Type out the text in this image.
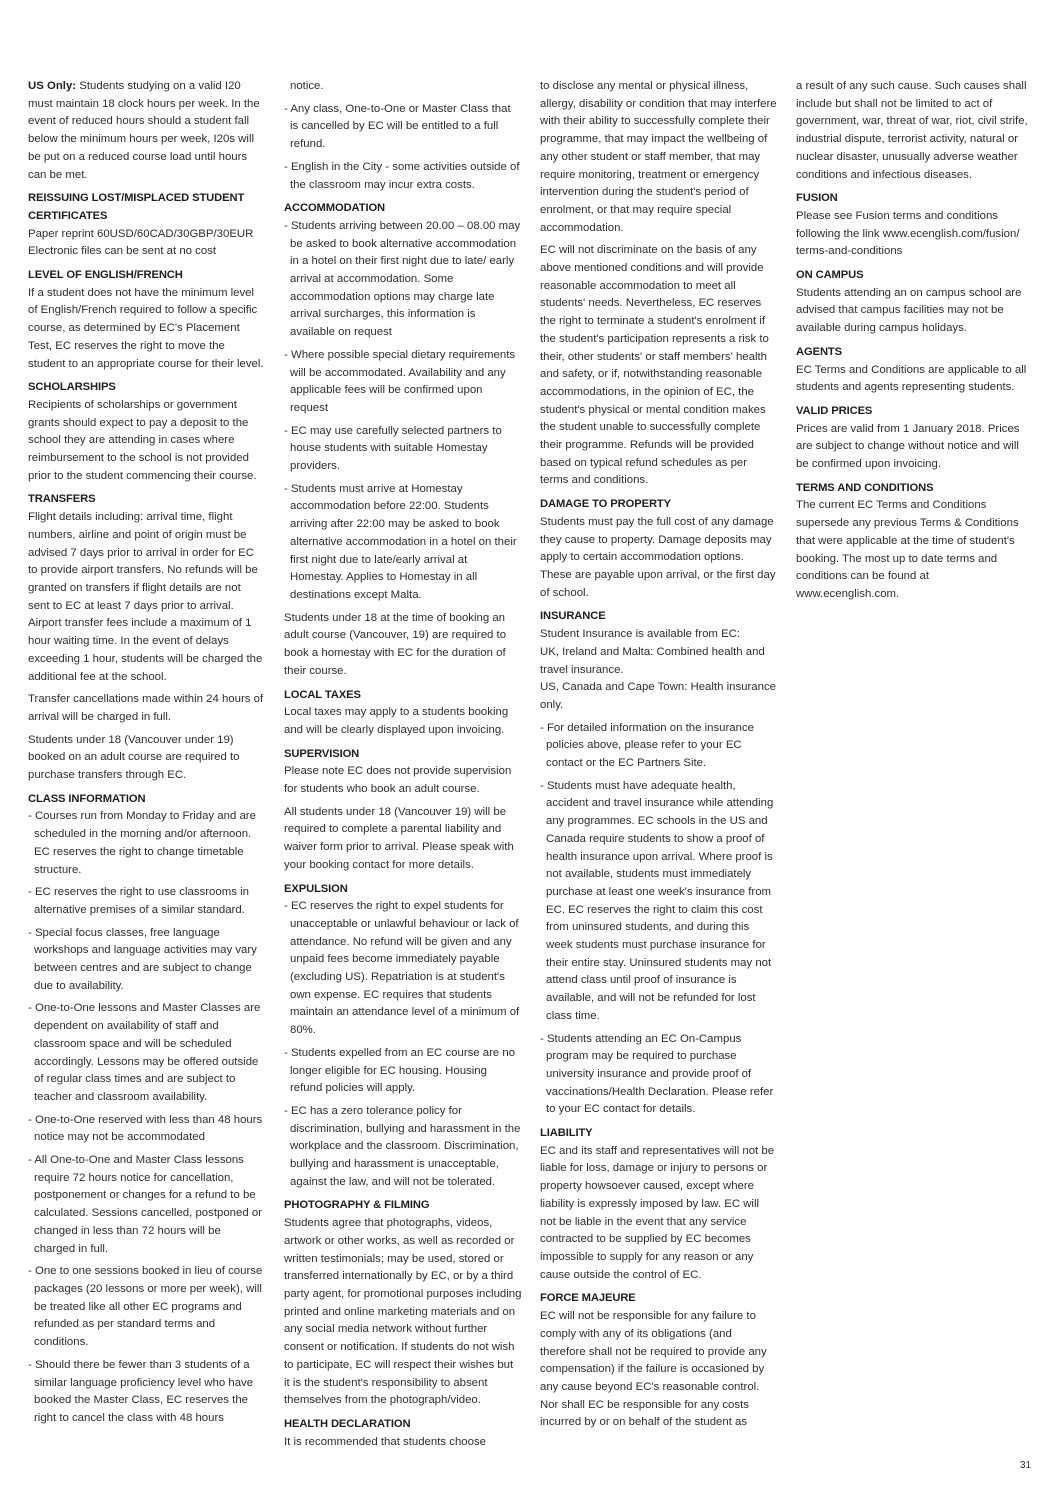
US Only: Students studying on a valid I20 must maintain 18 clock hours per week. In the event of reduced hours should a student fall below the minimum hours per week, I20s will be put on a reduced course load until hours can be met.
REISSUING LOST/MISPLACED STUDENT CERTIFICATES
Paper reprint 60USD/60CAD/30GBP/30EUR
Electronic files can be sent at no cost
LEVEL OF ENGLISH/FRENCH
If a student does not have the minimum level of English/French required to follow a specific course, as determined by EC's Placement Test, EC reserves the right to move the student to an appropriate course for their level.
SCHOLARSHIPS
Recipients of scholarships or government grants should expect to pay a deposit to the school they are attending in cases where reimbursement to the school is not provided prior to the student commencing their course.
TRANSFERS
Flight details including: arrival time, flight numbers, airline and point of origin must be advised 7 days prior to arrival in order for EC to provide airport transfers. No refunds will be granted on transfers if flight details are not sent to EC at least 7 days prior to arrival. Airport transfer fees include a maximum of 1 hour waiting time. In the event of delays exceeding 1 hour, students will be charged the additional fee at the school.
Transfer cancellations made within 24 hours of arrival will be charged in full.
Students under 18 (Vancouver under 19) booked on an adult course are required to purchase transfers through EC.
CLASS INFORMATION
- Courses run from Monday to Friday and are scheduled in the morning and/or afternoon. EC reserves the right to change timetable structure.
- EC reserves the right to use classrooms in alternative premises of a similar standard.
- Special focus classes, free language workshops and language activities may vary between centres and are subject to change due to availability.
- One-to-One lessons and Master Classes are dependent on availability of staff and classroom space and will be scheduled accordingly. Lessons may be offered outside of regular class times and are subject to teacher and classroom availability.
- One-to-One reserved with less than 48 hours notice may not be accommodated
- All One-to-One and Master Class lessons require 72 hours notice for cancellation, postponement or changes for a refund to be calculated. Sessions cancelled, postponed or changed in less than 72 hours will be charged in full.
- One to one sessions booked in lieu of course packages (20 lessons or more per week), will be treated like all other EC programs and refunded as per standard terms and conditions.
- Should there be fewer than 3 students of a similar language proficiency level who have booked the Master Class, EC reserves the right to cancel the class with 48 hours
notice.
- Any class, One-to-One or Master Class that is cancelled by EC will be entitled to a full refund.
- English in the City - some activities outside of the classroom may incur extra costs.
ACCOMMODATION
- Students arriving between 20.00 – 08.00 may be asked to book alternative accommodation in a hotel on their first night due to late/ early arrival at accommodation. Some accommodation options may charge late arrival surcharges, this information is available on request
- Where possible special dietary requirements will be accommodated. Availability and any applicable fees will be confirmed upon request
- EC may use carefully selected partners to house students with suitable Homestay providers.
- Students must arrive at Homestay accommodation before 22:00. Students arriving after 22:00 may be asked to book alternative accommodation in a hotel on their first night due to late/early arrival at Homestay. Applies to Homestay in all destinations except Malta.
Students under 18 at the time of booking an adult course (Vancouver, 19) are required to book a homestay with EC for the duration of their course.
LOCAL TAXES
Local taxes may apply to a students booking and will be clearly displayed upon invoicing.
SUPERVISION
Please note EC does not provide supervision for students who book an adult course.
All students under 18 (Vancouver 19) will be required to complete a parental liability and waiver form prior to arrival. Please speak with your booking contact for more details.
EXPULSION
- EC reserves the right to expel students for unacceptable or unlawful behaviour or lack of attendance. No refund will be given and any unpaid fees become immediately payable (excluding US). Repatriation is at student's own expense. EC requires that students maintain an attendance level of a minimum of 80%.
- Students expelled from an EC course are no longer eligible for EC housing. Housing refund policies will apply.
- EC has a zero tolerance policy for discrimination, bullying and harassment in the workplace and the classroom. Discrimination, bullying and harassment is unacceptable, against the law, and will not be tolerated.
PHOTOGRAPHY & FILMING
Students agree that photographs, videos, artwork or other works, as well as recorded or written testimonials; may be used, stored or transferred internationally by EC, or by a third party agent, for promotional purposes including printed and online marketing materials and on any social media network without further consent or notification. If students do not wish to participate, EC will respect their wishes but it is the student's responsibility to absent themselves from the photograph/video.
HEALTH DECLARATION
It is recommended that students choose
to disclose any mental or physical illness, allergy, disability or condition that may interfere with their ability to successfully complete their programme, that may impact the wellbeing of any other student or staff member, that may require monitoring, treatment or emergency intervention during the student's period of enrolment, or that may require special accommodation.
EC will not discriminate on the basis of any above mentioned conditions and will provide reasonable accommodation to meet all students' needs. Nevertheless, EC reserves the right to terminate a student's enrolment if the student's participation represents a risk to their, other students' or staff members' health and safety, or if, notwithstanding reasonable accommodations, in the opinion of EC, the student's physical or mental condition makes the student unable to successfully complete their programme. Refunds will be provided based on typical refund schedules as per terms and conditions.
DAMAGE TO PROPERTY
Students must pay the full cost of any damage they cause to property. Damage deposits may apply to certain accommodation options. These are payable upon arrival, or the first day of school.
INSURANCE
Student Insurance is available from EC:
UK, Ireland and Malta: Combined health and travel insurance.
US, Canada and Cape Town: Health insurance only.
- For detailed information on the insurance policies above, please refer to your EC contact or the EC Partners Site.
- Students must have adequate health, accident and travel insurance while attending any programmes. EC schools in the US and Canada require students to show a proof of health insurance upon arrival. Where proof is not available, students must immediately purchase at least one week's insurance from EC. EC reserves the right to claim this cost from uninsured students, and during this week students must purchase insurance for their entire stay. Uninsured students may not attend class until proof of insurance is available, and will not be refunded for lost class time.
- Students attending an EC On-Campus program may be required to purchase university insurance and provide proof of vaccinations/Health Declaration. Please refer to your EC contact for details.
LIABILITY
EC and its staff and representatives will not be liable for loss, damage or injury to persons or property howsoever caused, except where liability is expressly imposed by law. EC will not be liable in the event that any service contracted to be supplied by EC becomes impossible to supply for any reason or any cause outside the control of EC.
FORCE MAJEURE
EC will not be responsible for any failure to comply with any of its obligations (and therefore shall not be required to provide any compensation) if the failure is occasioned by any cause beyond EC's reasonable control. Nor shall EC be responsible for any costs incurred by or on behalf of the student as
a result of any such cause. Such causes shall include but shall not be limited to act of government, war, threat of war, riot, civil strife, industrial dispute, terrorist activity, natural or nuclear disaster, unusually adverse weather conditions and infectious diseases.
FUSION
Please see Fusion terms and conditions following the link www.ecenglish.com/fusion/ terms-and-conditions
ON CAMPUS
Students attending an on campus school are advised that campus facilities may not be available during campus holidays.
AGENTS
EC Terms and Conditions are applicable to all students and agents representing students.
VALID PRICES
Prices are valid from 1 January 2018. Prices are subject to change without notice and will be confirmed upon invoicing.
TERMS AND CONDITIONS
The current EC Terms and Conditions supersede any previous Terms & Conditions that were applicable at the time of student's booking. The most up to date terms and conditions can be found at www.ecenglish.com.
31
